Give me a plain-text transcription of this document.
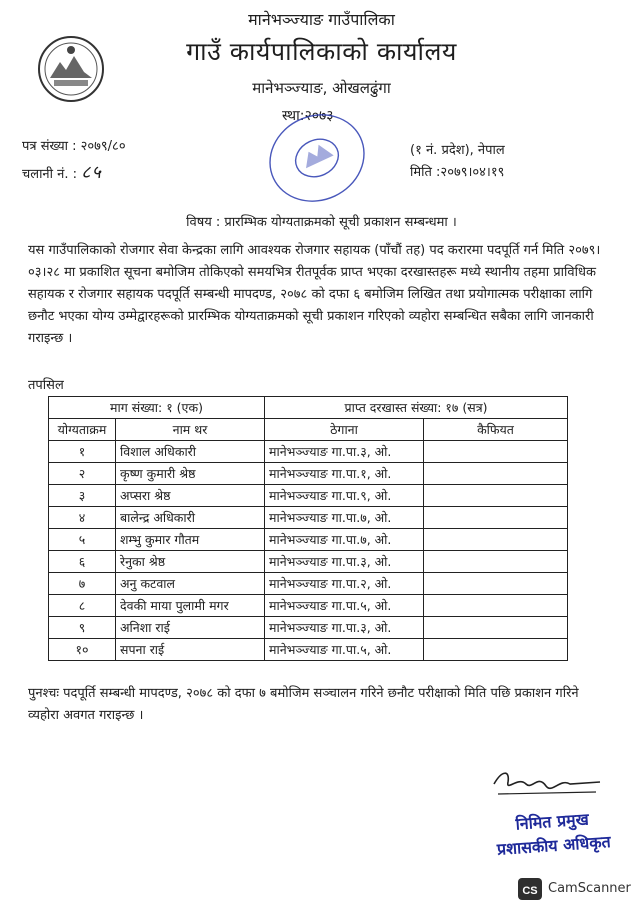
मानेभञ्ज्याङ गाउँपालिका
गाउँ कार्यपालिकाको कार्यालय
मानेभञ्ज्याङ, ओखलढुंगा
स्था:२०७३
पत्र संख्या : २०७९/८०
चलानी नं. : ८५
(१ नं. प्रदेश), नेपाल
मिति :२०७९।०४।१९
विषय : प्रारम्भिक योग्यताक्रमको सूची प्रकाशन सम्बन्धमा ।
यस गाउँपालिकाको रोजगार सेवा केन्द्रका लागि आवश्यक रोजगार सहायक (पाँचौं तह) पद करारमा पदपूर्ति गर्न मिति २०७९।०३।२८ मा प्रकाशित सूचना बमोजिम तोकिएको समयभित्र रीतपूर्वक प्राप्त भएका दरखास्तहरू मध्ये स्थानीय तहमा प्राविधिक सहायक र रोजगार सहायक पदपूर्ति सम्बन्धी मापदण्ड, २०७८ को दफा ६ बमोजिम लिखित तथा प्रयोगात्मक परीक्षाका लागि छनौट भएका योग्य उम्मेद्वारहरूको प्रारम्भिक योग्यताक्रमको सूची प्रकाशन गरिएको व्यहोरा सम्बन्धित सबैका लागि जानकारी गराइन्छ ।
तपसिल
माग संख्या: १ (एक)		प्राप्त दरखास्त संख्या: १७ (सत्र)	
योग्यताक्रम	नाम थर	ठेगाना	कैफियत
१	विशाल अधिकारी	मानेभञ्ज्याङ गा.पा.३, ओ.	
२	कृष्ण कुमारी श्रेष्ठ	मानेभञ्ज्याङ गा.पा.१, ओ.	
३	अप्सरा श्रेष्ठ	मानेभञ्ज्याङ गा.पा.९, ओ.	
४	बालेन्द्र अधिकारी	मानेभञ्ज्याङ गा.पा.७, ओ.	
५	शम्भु कुमार गौतम	मानेभञ्ज्याङ गा.पा.७, ओ.	
६	रेनुका श्रेष्ठ	मानेभञ्ज्याङ गा.पा.३, ओ.	
७	अनु कटवाल	मानेभञ्ज्याङ गा.पा.२, ओ.	
८	देवकी माया पुलामी मगर	मानेभञ्ज्याङ गा.पा.५, ओ.	
९	अनिशा राई	मानेभञ्ज्याङ गा.पा.३, ओ.	
१०	सपना राई	मानेभञ्ज्याङ गा.पा.५, ओ.	
पुनश्चः पदपूर्ति सम्बन्धी मापदण्ड, २०७८ को दफा ७ बमोजिम सञ्चालन गरिने छनौट परीक्षाको मिति पछि प्रकाशन गरिने व्यहोरा अवगत गराइन्छ ।
निमित प्रमुख
प्रशासकीय अधिकृत
CS CamScanner
